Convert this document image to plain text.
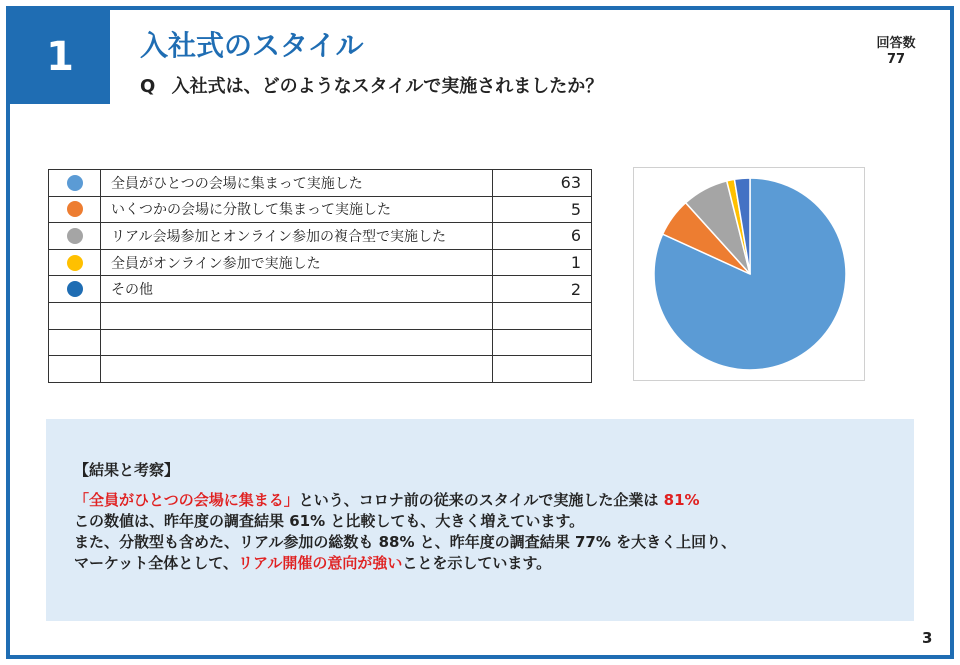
1	入社式のスタイル
Q 入社式は、どのようなスタイルで実施されましたか？
回答数
77
	全員がひとつの会場に集まって実施した	63
	いくつかの会場に分散して集まって実施した	5
	リアル会場参加とオンライン参加の複合型で実施した	6
	全員がオンライン参加で実施した	1
	その他	2

【結果と考察】
「全員がひとつの会場に集まる」という、コロナ前の従来のスタイルで実施した企業は 81%
この数値は、昨年度の調査結果 61% と比較しても、大きく増えています。
また、分散型も含めた、リアル参加の総数も 88% と、昨年度の調査結果 77% を大きく上回り、
マーケット全体として、リアル開催の意向が強いことを示しています。
3
